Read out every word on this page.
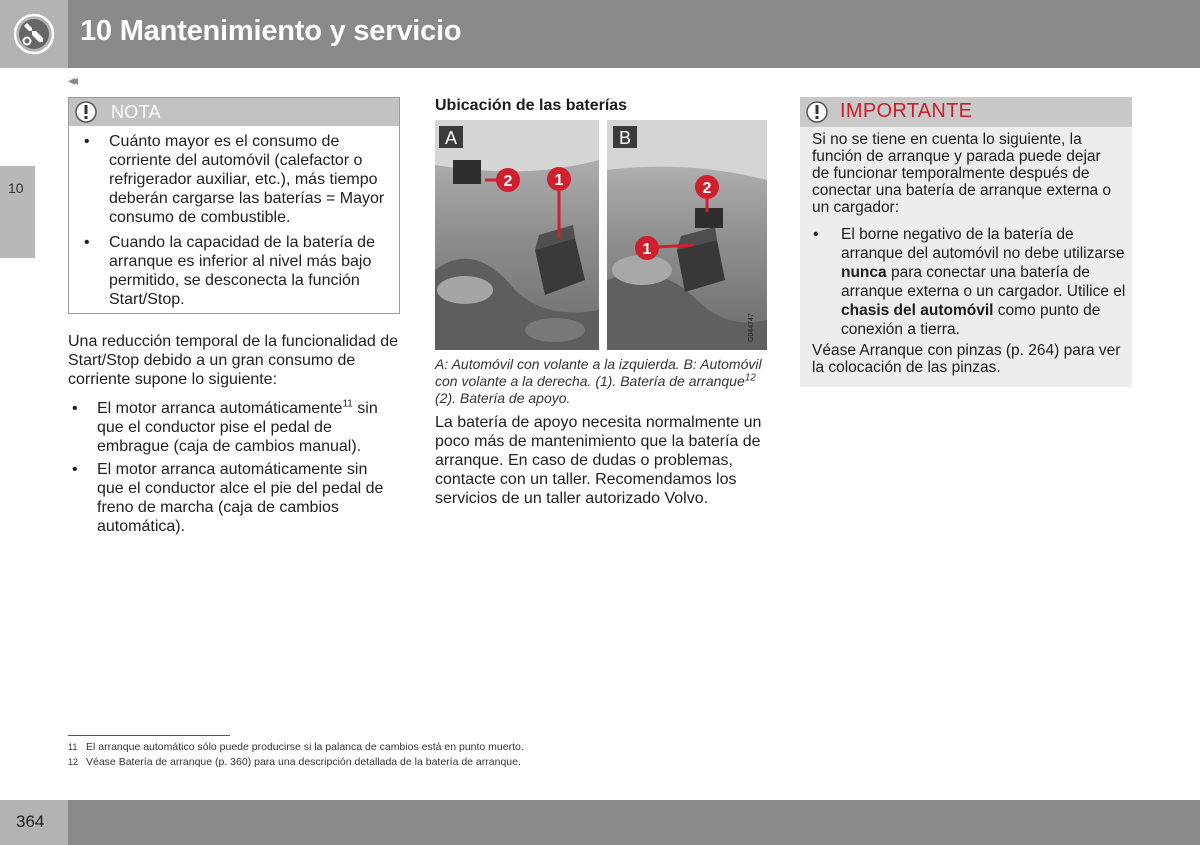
10 Mantenimiento y servicio
◂◂
10
NOTA
• Cuánto mayor es el consumo de corriente del automóvil (calefactor o refrigerador auxiliar, etc.), más tiempo deberán cargarse las baterías = Mayor consumo de combustible.
• Cuando la capacidad de la batería de arranque es inferior al nivel más bajo permitido, se desconecta la función Start/Stop.

Una reducción temporal de la funcionalidad de Start/Stop debido a un gran consumo de corriente supone lo siguiente:

• El motor arranca automáticamente$^{11}$ sin que el conductor pise el pedal de embrague (caja de cambios manual).
• El motor arranca automáticamente sin que el conductor alce el pie del pedal de freno de marcha (caja de cambios automática).
Ubicación de las baterías
A
2	1
B
2
1
G044747

A: Automóvil con volante a la izquierda. B: Automóvil con volante a la derecha. (1). Batería de arranque$^{12}$ (2). Batería de apoyo.

La batería de apoyo necesita normalmente un poco más de mantenimiento que la batería de arranque. En caso de dudas o problemas, contacte con un taller. Recomendamos los servicios de un taller autorizado Volvo.

IMPORTANTE

Si no se tiene en cuenta lo siguiente, la función de arranque y parada puede dejar de funcionar temporalmente después de conectar una batería de arranque externa o un cargador:

• El borne negativo de la batería de arranque del automóvil no debe utilizarse nunca para conectar una batería de arranque externa o un cargador. Utilice el chasis del automóvil como punto de conexión a tierra.

Véase Arranque con pinzas (p. 264) para ver la colocación de las pinzas.

11 El arranque automático sólo puede producirse si la palanca de cambios está en punto muerto.
12 Véase Batería de arranque (p. 360) para una descripción detallada de la batería de arranque.
364
